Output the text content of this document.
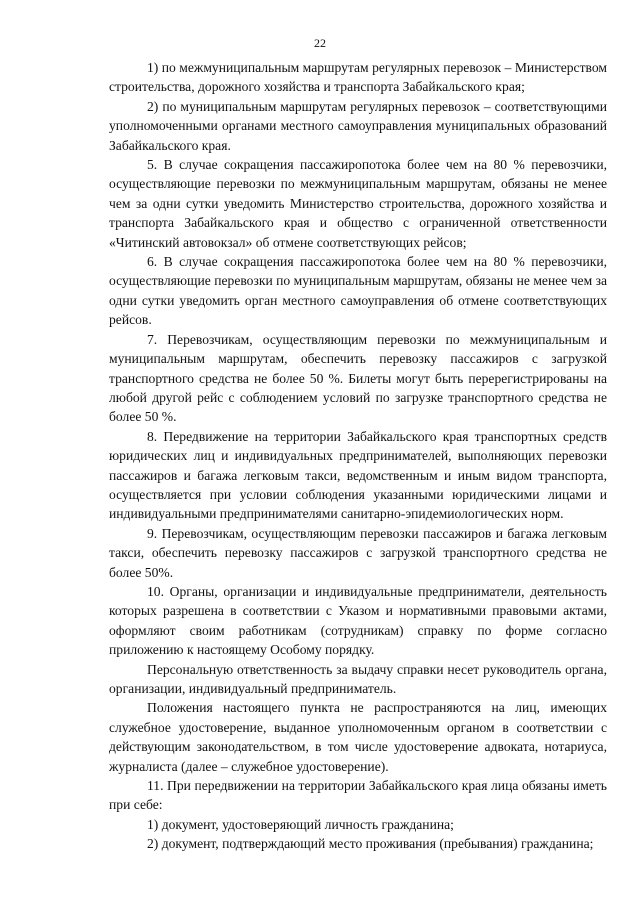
22

1) по межмуниципальным маршрутам регулярных перевозок – Министерством строительства, дорожного хозяйства и транспорта Забайкальского края;

2) по муниципальным маршрутам регулярных перевозок – соответствующими уполномоченными органами местного самоуправления муниципальных образований Забайкальского края.

5. В случае сокращения пассажиропотока более чем на 80 % перевозчики, осуществляющие перевозки по межмуниципальным маршрутам, обязаны не менее чем за одни сутки уведомить Министерство строительства, дорожного хозяйства и транспорта Забайкальского края и общество с ограниченной ответственности «Читинский автовокзал» об отмене соответствующих рейсов;

6. В случае сокращения пассажиропотока более чем на 80 % перевозчики, осуществляющие перевозки по муниципальным маршрутам, обязаны не менее чем за одни сутки уведомить орган местного самоуправления об отмене соответствующих рейсов.

7. Перевозчикам, осуществляющим перевозки по межмуниципальным и муниципальным маршрутам, обеспечить перевозку пассажиров с загрузкой транспортного средства не более 50 %. Билеты могут быть перерегистрированы на любой другой рейс с соблюдением условий по загрузке транспортного средства не более 50 %.

8. Передвижение на территории Забайкальского края транспортных средств юридических лиц и индивидуальных предпринимателей, выполняющих перевозки пассажиров и багажа легковым такси, ведомственным и иным видом транспорта, осуществляется при условии соблюдения указанными юридическими лицами и индивидуальными предпринимателями санитарно-эпидемиологических норм.

9. Перевозчикам, осуществляющим перевозки пассажиров и багажа легковым такси, обеспечить перевозку пассажиров с загрузкой транспортного средства не более 50%.

10. Органы, организации и индивидуальные предприниматели, деятельность которых разрешена в соответствии с Указом и нормативными правовыми актами, оформляют своим работникам (сотрудникам) справку по форме согласно приложению к настоящему Особому порядку.

Персональную ответственность за выдачу справки несет руководитель органа, организации, индивидуальный предприниматель.

Положения настоящего пункта не распространяются на лиц, имеющих служебное удостоверение, выданное уполномоченным органом в соответствии с действующим законодательством, в том числе удостоверение адвоката, нотариуса, журналиста (далее – служебное удостоверение).

11. При передвижении на территории Забайкальского края лица обязаны иметь при себе:

1) документ, удостоверяющий личность гражданина;

2) документ, подтверждающий место проживания (пребывания) гражданина;
